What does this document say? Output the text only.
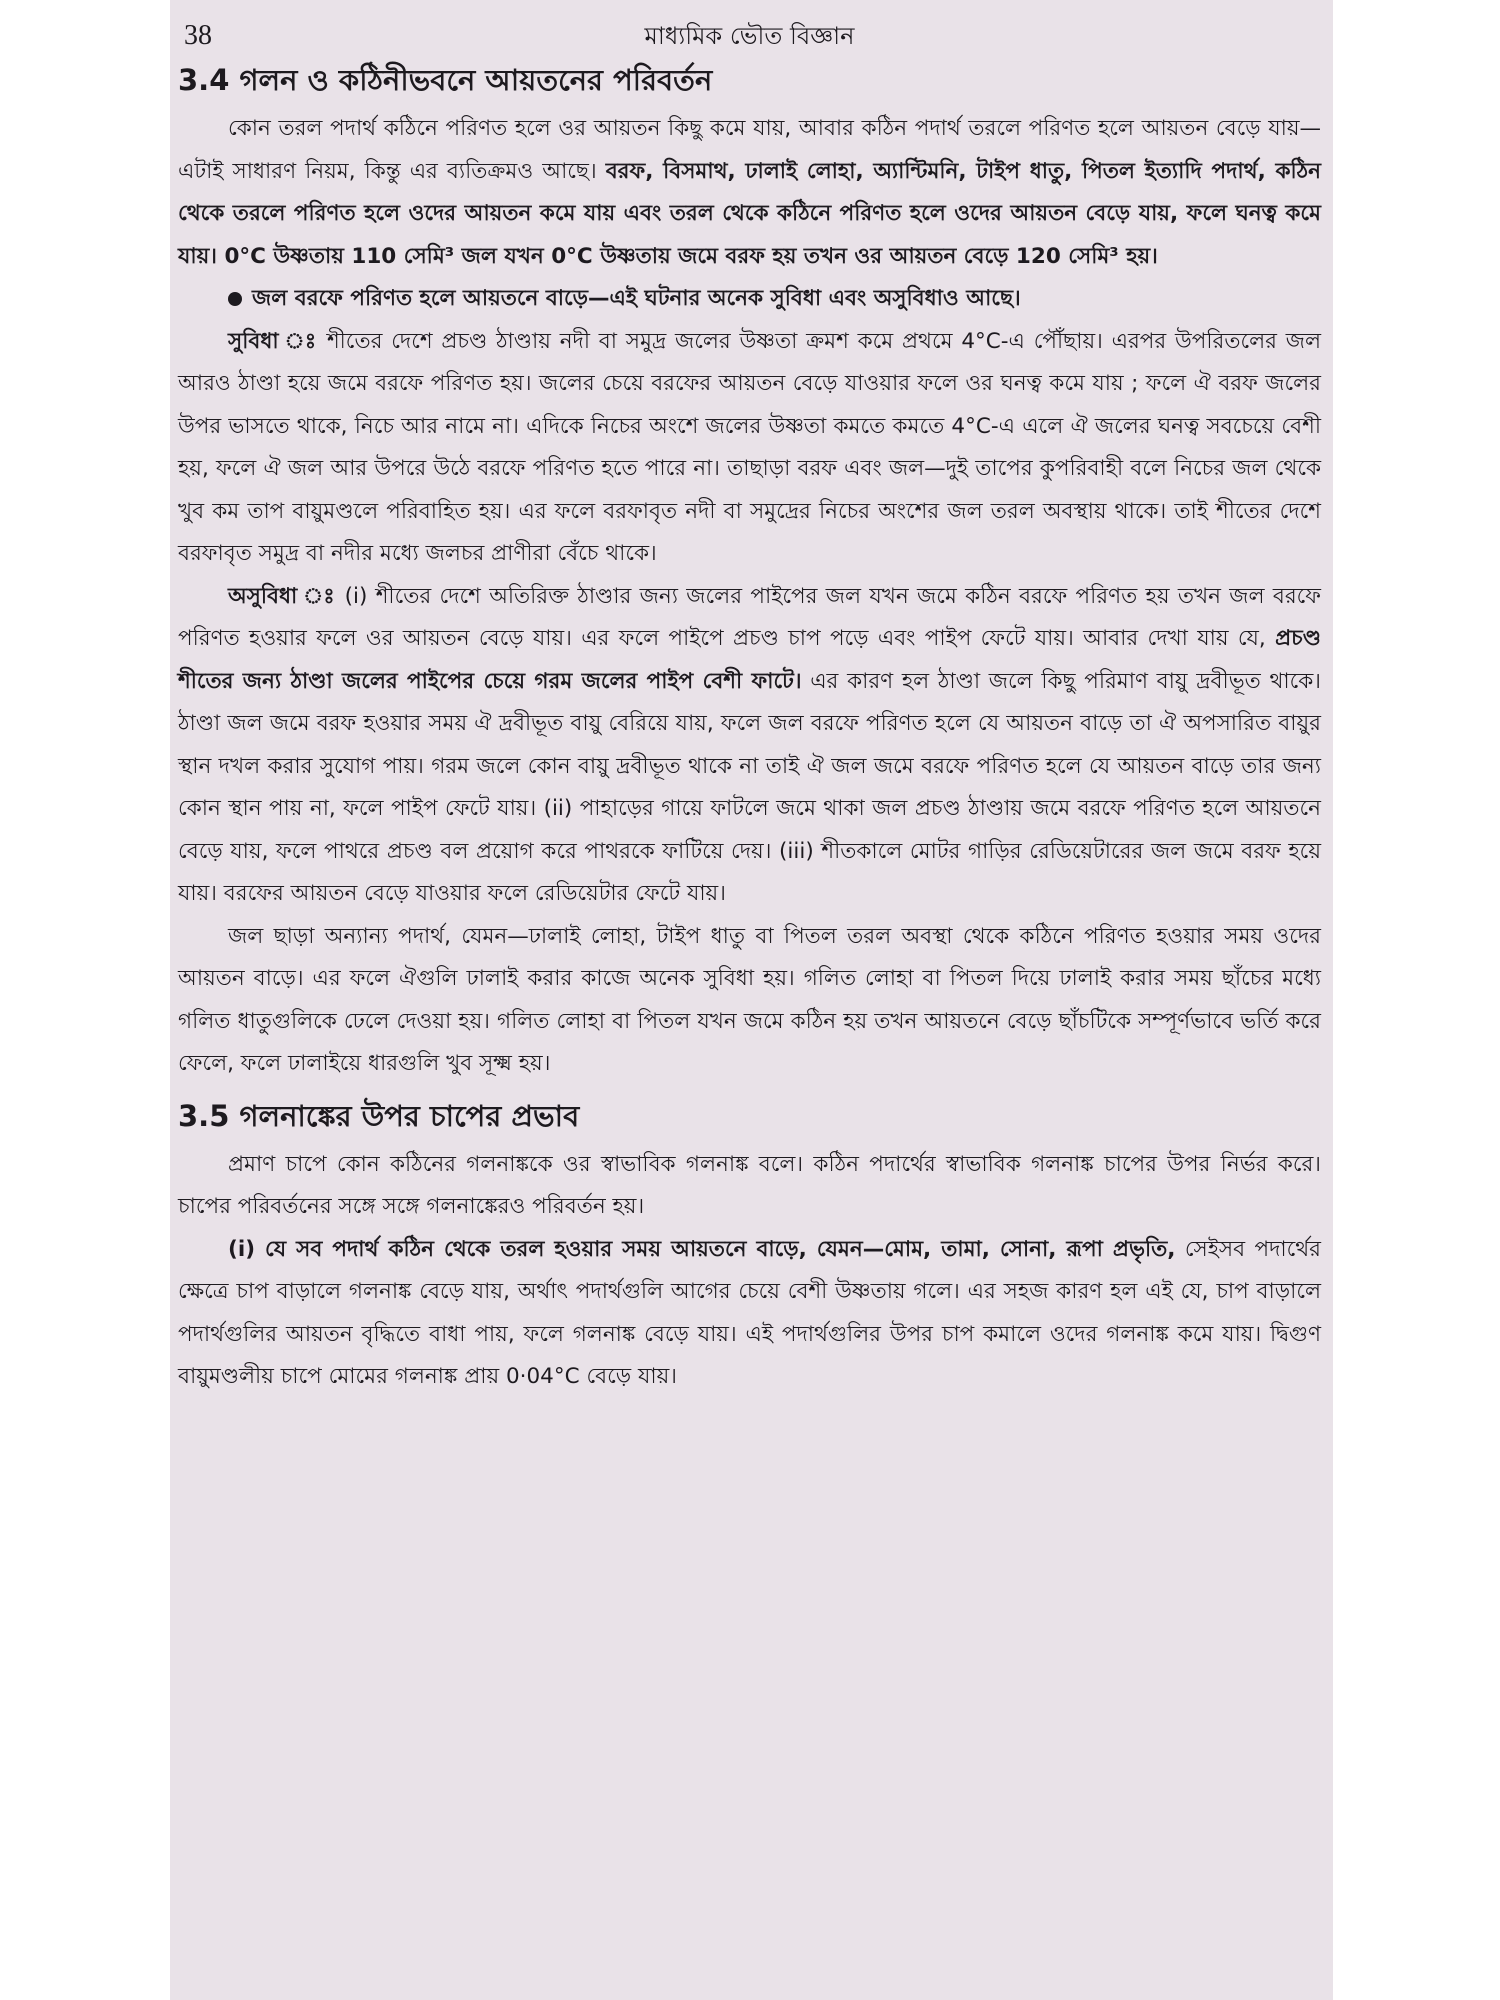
38	মাধ্যমিক ভৌত বিজ্ঞান
3.4 গলন ও কঠিনীভবনে আয়তনের পরিবর্তন

কোন তরল পদার্থ কঠিনে পরিণত হলে ওর আয়তন কিছু কমে যায়, আবার কঠিন পদার্থ তরলে পরিণত হলে আয়তন বেড়ে যায়—এটাই সাধারণ নিয়ম, কিন্তু এর ব্যতিক্রমও আছে। বরফ, বিসমাথ, ঢালাই লোহা, অ্যান্টিমনি, টাইপ ধাতু, পিতল ইত্যাদি পদার্থ, কঠিন থেকে তরলে পরিণত হলে ওদের আয়তন কমে যায় এবং তরল থেকে কঠিনে পরিণত হলে ওদের আয়তন বেড়ে যায়, ফলে ঘনত্ব কমে যায়। 0°C উষ্ণতায় 110 সেমি³ জল যখন 0°C উষ্ণতায় জমে বরফ হয় তখন ওর আয়তন বেড়ে 120 সেমি³ হয়।

জল বরফে পরিণত হলে আয়তনে বাড়ে—এই ঘটনার অনেক সুবিধা এবং অসুবিধাও আছে।

সুবিধা ঃ শীতের দেশে প্রচণ্ড ঠাণ্ডায় নদী বা সমুদ্র জলের উষ্ণতা ক্রমশ কমে প্রথমে 4°C-এ পৌঁছায়। এরপর উপরিতলের জল আরও ঠাণ্ডা হয়ে জমে বরফে পরিণত হয়। জলের চেয়ে বরফের আয়তন বেড়ে যাওয়ার ফলে ওর ঘনত্ব কমে যায় ; ফলে ঐ বরফ জলের উপর ভাসতে থাকে, নিচে আর নামে না। এদিকে নিচের অংশে জলের উষ্ণতা কমতে কমতে 4°C-এ এলে ঐ জলের ঘনত্ব সবচেয়ে বেশী হয়, ফলে ঐ জল আর উপরে উঠে বরফে পরিণত হতে পারে না। তাছাড়া বরফ এবং জল—দুই তাপের কুপরিবাহী বলে নিচের জল থেকে খুব কম তাপ বায়ুমণ্ডলে পরিবাহিত হয়। এর ফলে বরফাবৃত নদী বা সমুদ্রের নিচের অংশের জল তরল অবস্থায় থাকে। তাই শীতের দেশে বরফাবৃত সমুদ্র বা নদীর মধ্যে জলচর প্রাণীরা বেঁচে থাকে।

অসুবিধা ঃ (i) শীতের দেশে অতিরিক্ত ঠাণ্ডার জন্য জলের পাইপের জল যখন জমে কঠিন বরফে পরিণত হয় তখন জল বরফে পরিণত হওয়ার ফলে ওর আয়তন বেড়ে যায়। এর ফলে পাইপে প্রচণ্ড চাপ পড়ে এবং পাইপ ফেটে যায়। আবার দেখা যায় যে, প্রচণ্ড শীতের জন্য ঠাণ্ডা জলের পাইপের চেয়ে গরম জলের পাইপ বেশী ফাটে। এর কারণ হল ঠাণ্ডা জলে কিছু পরিমাণ বায়ু দ্রবীভূত থাকে। ঠাণ্ডা জল জমে বরফ হওয়ার সময় ঐ দ্রবীভূত বায়ু বেরিয়ে যায়, ফলে জল বরফে পরিণত হলে যে আয়তন বাড়ে তা ঐ অপসারিত বায়ুর স্থান দখল করার সুযোগ পায়। গরম জলে কোন বায়ু দ্রবীভূত থাকে না তাই ঐ জল জমে বরফে পরিণত হলে যে আয়তন বাড়ে তার জন্য কোন স্থান পায় না, ফলে পাইপ ফেটে যায়। (ii) পাহাড়ের গায়ে ফাটলে জমে থাকা জল প্রচণ্ড ঠাণ্ডায় জমে বরফে পরিণত হলে আয়তনে বেড়ে যায়, ফলে পাথরে প্রচণ্ড বল প্রয়োগ করে পাথরকে ফাটিয়ে দেয়। (iii) শীতকালে মোটর গাড়ির রেডিয়েটারের জল জমে বরফ হয়ে যায়। বরফের আয়তন বেড়ে যাওয়ার ফলে রেডিয়েটার ফেটে যায়।

জল ছাড়া অন্যান্য পদার্থ, যেমন—ঢালাই লোহা, টাইপ ধাতু বা পিতল তরল অবস্থা থেকে কঠিনে পরিণত হওয়ার সময় ওদের আয়তন বাড়ে। এর ফলে ঐগুলি ঢালাই করার কাজে অনেক সুবিধা হয়। গলিত লোহা বা পিতল দিয়ে ঢালাই করার সময় ছাঁচের মধ্যে গলিত ধাতুগুলিকে ঢেলে দেওয়া হয়। গলিত লোহা বা পিতল যখন জমে কঠিন হয় তখন আয়তনে বেড়ে ছাঁচটিকে সম্পূর্ণভাবে ভর্তি করে ফেলে, ফলে ঢালাইয়ে ধারগুলি খুব সূক্ষ্ম হয়।

3.5 গলনাঙ্কের উপর চাপের প্রভাব

প্রমাণ চাপে কোন কঠিনের গলনাঙ্ককে ওর স্বাভাবিক গলনাঙ্ক বলে। কঠিন পদার্থের স্বাভাবিক গলনাঙ্ক চাপের উপর নির্ভর করে। চাপের পরিবর্তনের সঙ্গে সঙ্গে গলনাঙ্কেরও পরিবর্তন হয়।

(i) যে সব পদার্থ কঠিন থেকে তরল হওয়ার সময় আয়তনে বাড়ে, যেমন—মোম, তামা, সোনা, রূপা প্রভৃতি, সেইসব পদার্থের ক্ষেত্রে চাপ বাড়ালে গলনাঙ্ক বেড়ে যায়, অর্থাৎ পদার্থগুলি আগের চেয়ে বেশী উষ্ণতায় গলে। এর সহজ কারণ হল এই যে, চাপ বাড়ালে পদার্থগুলির আয়তন বৃদ্ধিতে বাধা পায়, ফলে গলনাঙ্ক বেড়ে যায়। এই পদার্থগুলির উপর চাপ কমালে ওদের গলনাঙ্ক কমে যায়। দ্বিগুণ বায়ুমণ্ডলীয় চাপে মোমের গলনাঙ্ক প্রায় 0·04°C বেড়ে যায়।
